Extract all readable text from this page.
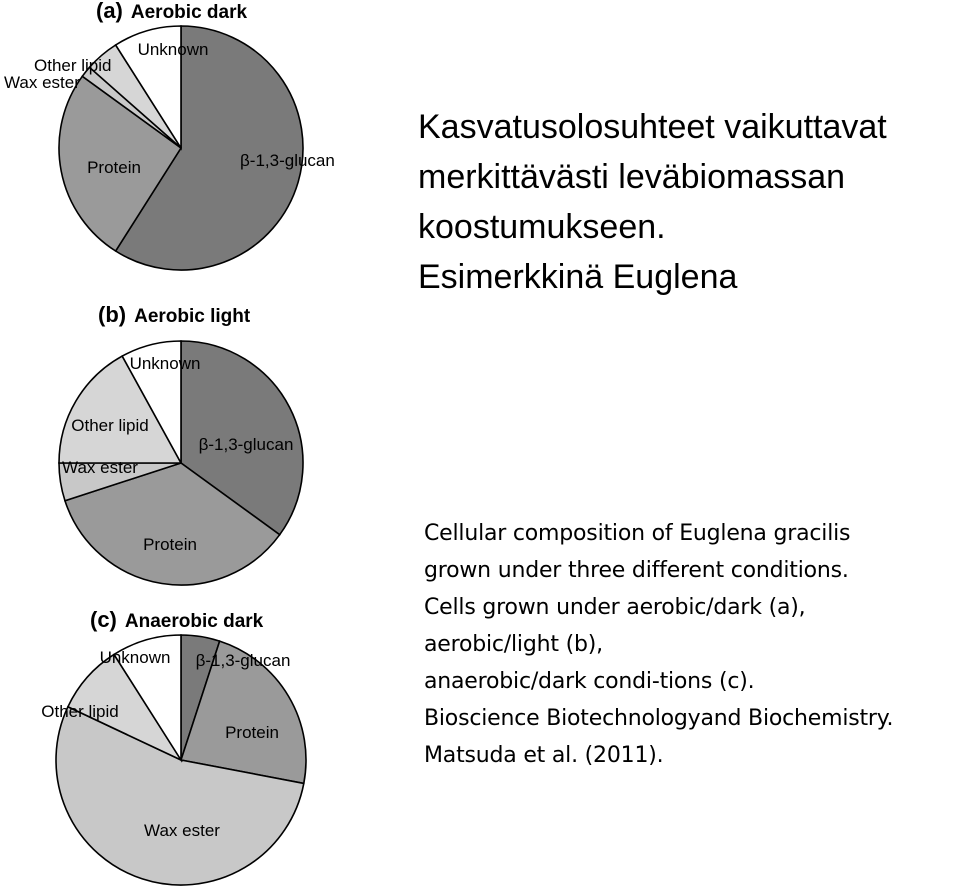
(a) Aerobic dark
β-1,3-glucan
Protein
Wax ester
Other lipid
Unknown
(b) Aerobic light
β-1,3-glucan
Protein
Wax ester
Other lipid
Unknown
(c) Anaerobic dark
β-1,3-glucan
Protein
Wax ester
Other lipid
Unknown
Kasvatusolosuhteet vaikuttavat
merkittävästi leväbiomassan
koostumukseen.
Esimerkkinä Euglena
Cellular composition of Euglena gracilis
grown under three different conditions.
Cells grown under aerobic/dark (a),
aerobic/light (b),
anaerobic/dark condi-tions (c).
Bioscience Biotechnologyand Biochemistry.
Matsuda et al. (2011).
